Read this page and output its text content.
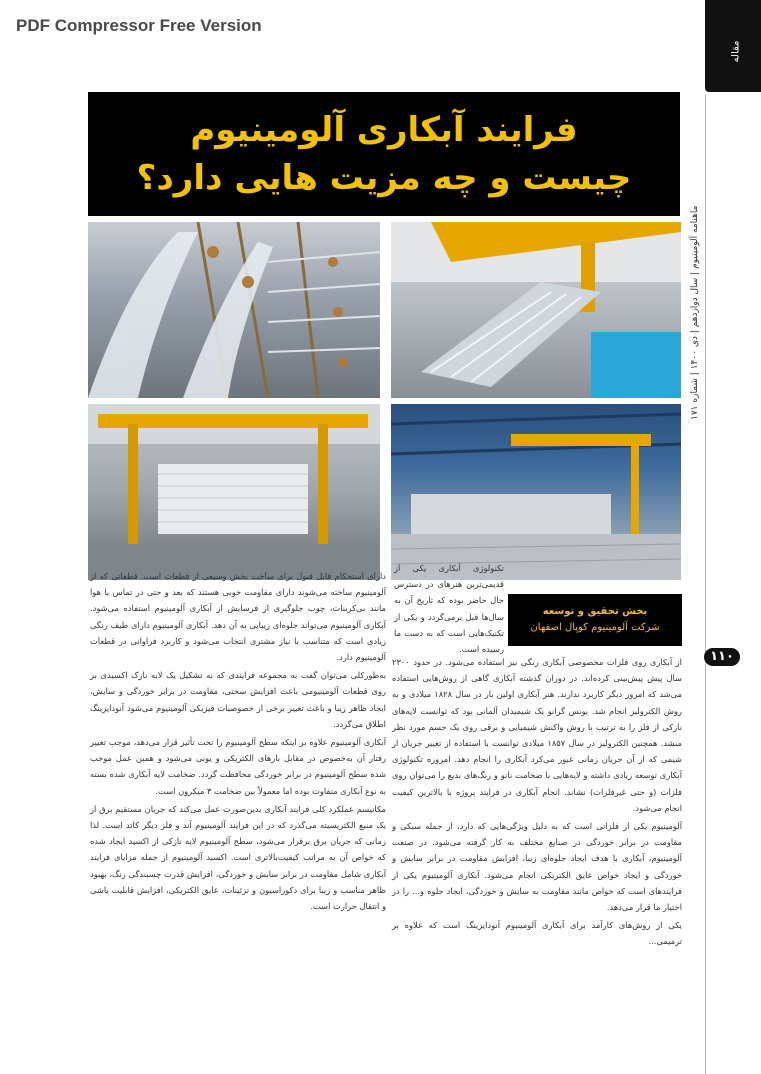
PDF Compressor Free Version
مقاله
ماهنامه آلومینیوم | سال دوازدهم | دی ۱۴۰۰ | شماره ۱۷۱
۱۱۰
فرایند آبکاری آلومینیوم
چیست و چه مزیت هایی دارد؟

تکنولوژی آبکاری یکی از قدیمی‌ترین هنرهای در دسترس حال حاضر بوده که تاریخ آن به سال‌ها قبل برمی‌گردد و یکی از تکنیک‌هایی است که به دست ما رسیده است.

بخش تحقیق و توسعه
شرکت آلومینیوم کوپال اصفهان

از آبکاری روی فلزات مخصوصی آبکاری رنگی نیز استفاده می‌شود. در حدود ۲۳۰۰ سال پیش پیش‌بینی کرده‌اند. در دوران گذشته آبکاری گاهی از روش‌هایی استفاده می‌شد که امروز دیگر کاربرد ندارند. هنر آبکاری اولین بار در سال ۱۸۲۸ میلادی و به روش الکترولیز انجام شد. یونس گرانو یک شیمیدان آلمانی بود که توانست لایه‌های نازکی از فلز را به ترتیب با روش واکنش شیمیایی و برقی روی یک جسم مورد نظر منشد. همچنین الکترولیز در سال ۱۸۵۷ میلادی توانست با استفاده از تغییر جریان از شیمی که از آن جریان زمانی عبور می‌کرد آبکاری را انجام دهد. امروزه تکنولوژی آبکاری توسعه زیادی داشته و لایه‌هایی با ضخامت نانو و رنگ‌های بدیع را می‌توان روی فلزات (و حتی غیرفلزات) نشاند. انجام آبکاری در فرایند پروژه با بالاترین کیفیت انجام می‌شود.

آلومینیوم یکی از فلزاتی است که به دلیل ویژگی‌هایی که دارد، از جمله سبکی و مقاومت در برابر خوردگی در صنایع مختلف به کار گرفته می‌شود. در صنعت آلومینیوم، آبکاری با هدف ایجاد جلوه‌ای زیبا، افزایش مقاومت در برابر سایش و خوردگی و ایجاد خواص عایق الکتریکی انجام می‌شود. آبکاری آلومینیوم یکی از فرایندهای است که خواص مانند مقاومت به سایش و خوردگی، ایجاد جلوه و... را در اختیار ما قرار می‌دهد.

یکی از روش‌های کارآمد برای آبکاری آلومینیوم آنودایزینگ است که علاوه بر ترمیمی...

دارای استحکام قابل قبول برای ساخت بخش وسیعی از قطعات است. قطعاتی که از آلومینیوم ساخته می‌شوند دارای مقاومت خوبی هستند که بعد و حتی در تماس با هوا مانند بی‌کربنات، چوب جلوگیری از فرسایش از آبکاری آلومینیوم استفاده می‌شود. آبکاری آلومینیوم می‌تواند جلوه‌ای زیبایی به آن دهد. آبکاری آلومینیوم دارای طیف رنگی زیادی است که متناسب با نیاز مشتری انتخاب می‌شود و کاربرد فراوانی در قطعات آلومینیوم دارد.

به‌طورکلی می‌توان گفت به مجموعه فرایندی که به تشکیل یک لایه نازک اکسیدی بر روی قطعات آلومینیومی باعث افزایش سختی، مقاومت در برابر خوردگی و سایش، ایجاد ظاهر زیبا و باعث تغییر برخی از خصوصیات فیزیکی آلومینیوم می‌شود آنودایزینگ اطلاق می‌گردد.

آبکاری آلومینیوم علاوه بر اینکه سطح آلومینیوم را تحت تأثیر قرار می‌دهد، موجب تغییر رفتار آن به‌خصوص در مقابل بارهای الکتریکی و یونی می‌شود و همین عمل موجب شده سطح آلومینیوم در برابر خوردگی محافظت گردد. ضخامت لایه آبکاری شده بسته به نوع آبکاری متفاوت بوده اما معمولاً بین ضخامت ۳ میکرون است.

مکانیسم عملکرد کلی فرایند آبکاری بدین‌صورت عمل می‌کند که جریان مستقیم برق از یک منبع الکتریسیته می‌گذرد که در این فرایند آلومینیوم آند و فلز دیگر کاتد است. لذا زمانی که جریان برق برقرار می‌شود، سطح آلومینیوم لایه نازکی از اکسید ایجاد شده که خواص آن به مراتب کیفیت‌بالاتری است. اکسید آلومینیوم از جمله مزایای فرایند آبکاری شامل مقاومت در برابر سایش و خوردگی، افزایش قدرت چسبندگی رنگ، بهبود ظاهر مناسب و زیبا برای دکوراسیون و تزئینات، عایق الکتریکی، افزایش قابلیت یاشی و انتقال حرارت است.
